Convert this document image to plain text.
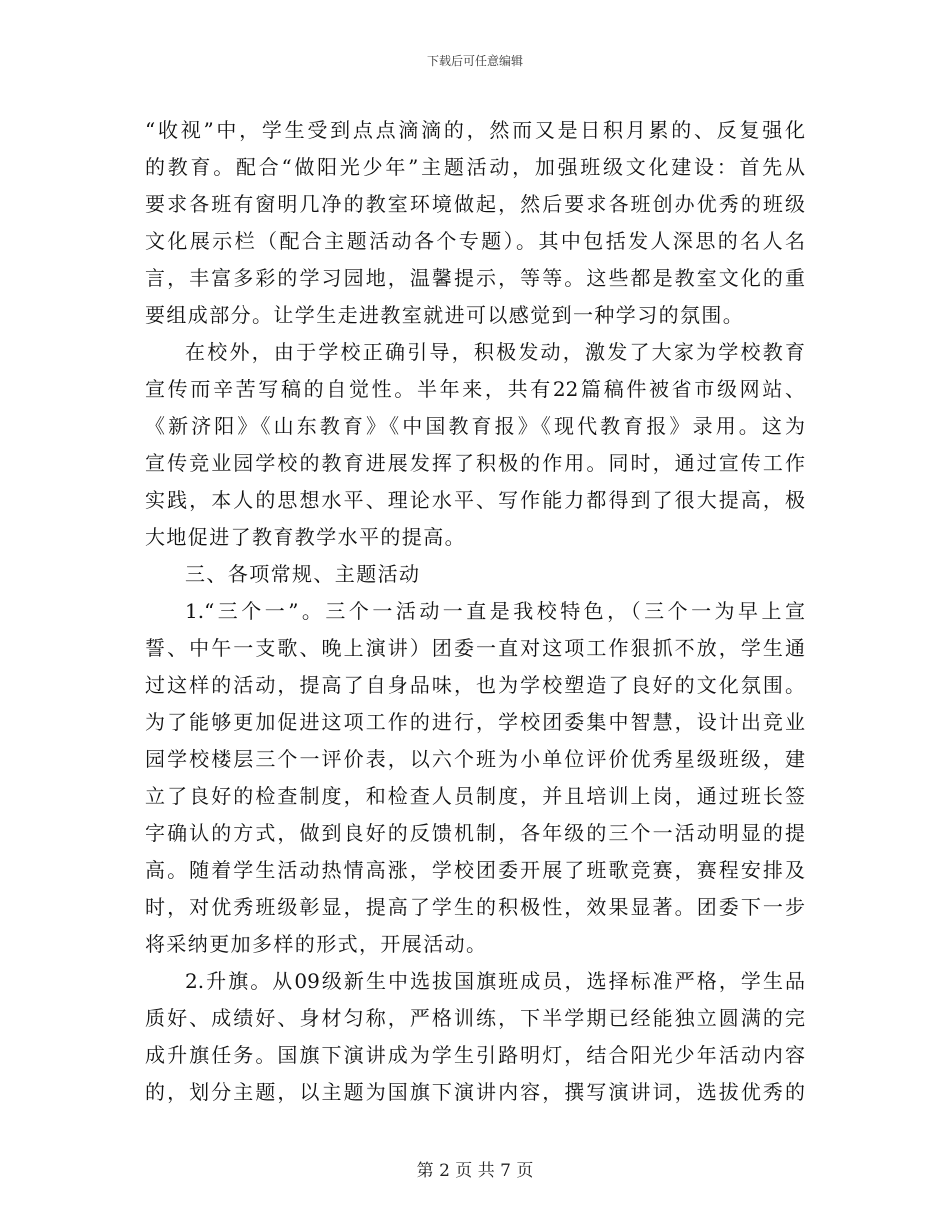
下载后可任意编辑
“收视”中，学生受到点点滴滴的，然而又是日积月累的、反复强化
的教育。配合“做阳光少年”主题活动，加强班级文化建设：首先从
要求各班有窗明几净的教室环境做起，然后要求各班创办优秀的班级
文化展示栏（配合主题活动各个专题）。其中包括发人深思的名人名
言，丰富多彩的学习园地，温馨提示，等等。这些都是教室文化的重
要组成部分。让学生走进教室就进可以感觉到一种学习的氛围。
在校外，由于学校正确引导，积极发动，激发了大家为学校教育
宣传而辛苦写稿的自觉性。半年来，共有22篇稿件被省市级网站、
《新济阳》《山东教育》《中国教育报》《现代教育报》录用。这为
宣传竞业园学校的教育进展发挥了积极的作用。同时，通过宣传工作
实践，本人的思想水平、理论水平、写作能力都得到了很大提高，极
大地促进了教育教学水平的提高。
三、各项常规、主题活动
1.“三个一”。三个一活动一直是我校特色，（三个一为早上宣
誓、中午一支歌、晚上演讲）团委一直对这项工作狠抓不放，学生通
过这样的活动，提高了自身品味，也为学校塑造了良好的文化氛围。
为了能够更加促进这项工作的进行，学校团委集中智慧，设计出竞业
园学校楼层三个一评价表，以六个班为小单位评价优秀星级班级，建
立了良好的检查制度，和检查人员制度，并且培训上岗，通过班长签
字确认的方式，做到良好的反馈机制，各年级的三个一活动明显的提
高。随着学生活动热情高涨，学校团委开展了班歌竞赛，赛程安排及
时，对优秀班级彰显，提高了学生的积极性，效果显著。团委下一步
将采纳更加多样的形式，开展活动。
2.升旗。从09级新生中选拔国旗班成员，选择标准严格，学生品
质好、成绩好、身材匀称，严格训练，下半学期已经能独立圆满的完
成升旗任务。国旗下演讲成为学生引路明灯，结合阳光少年活动内容
的，划分主题，以主题为国旗下演讲内容，撰写演讲词，选拔优秀的
第 2 页 共 7 页
